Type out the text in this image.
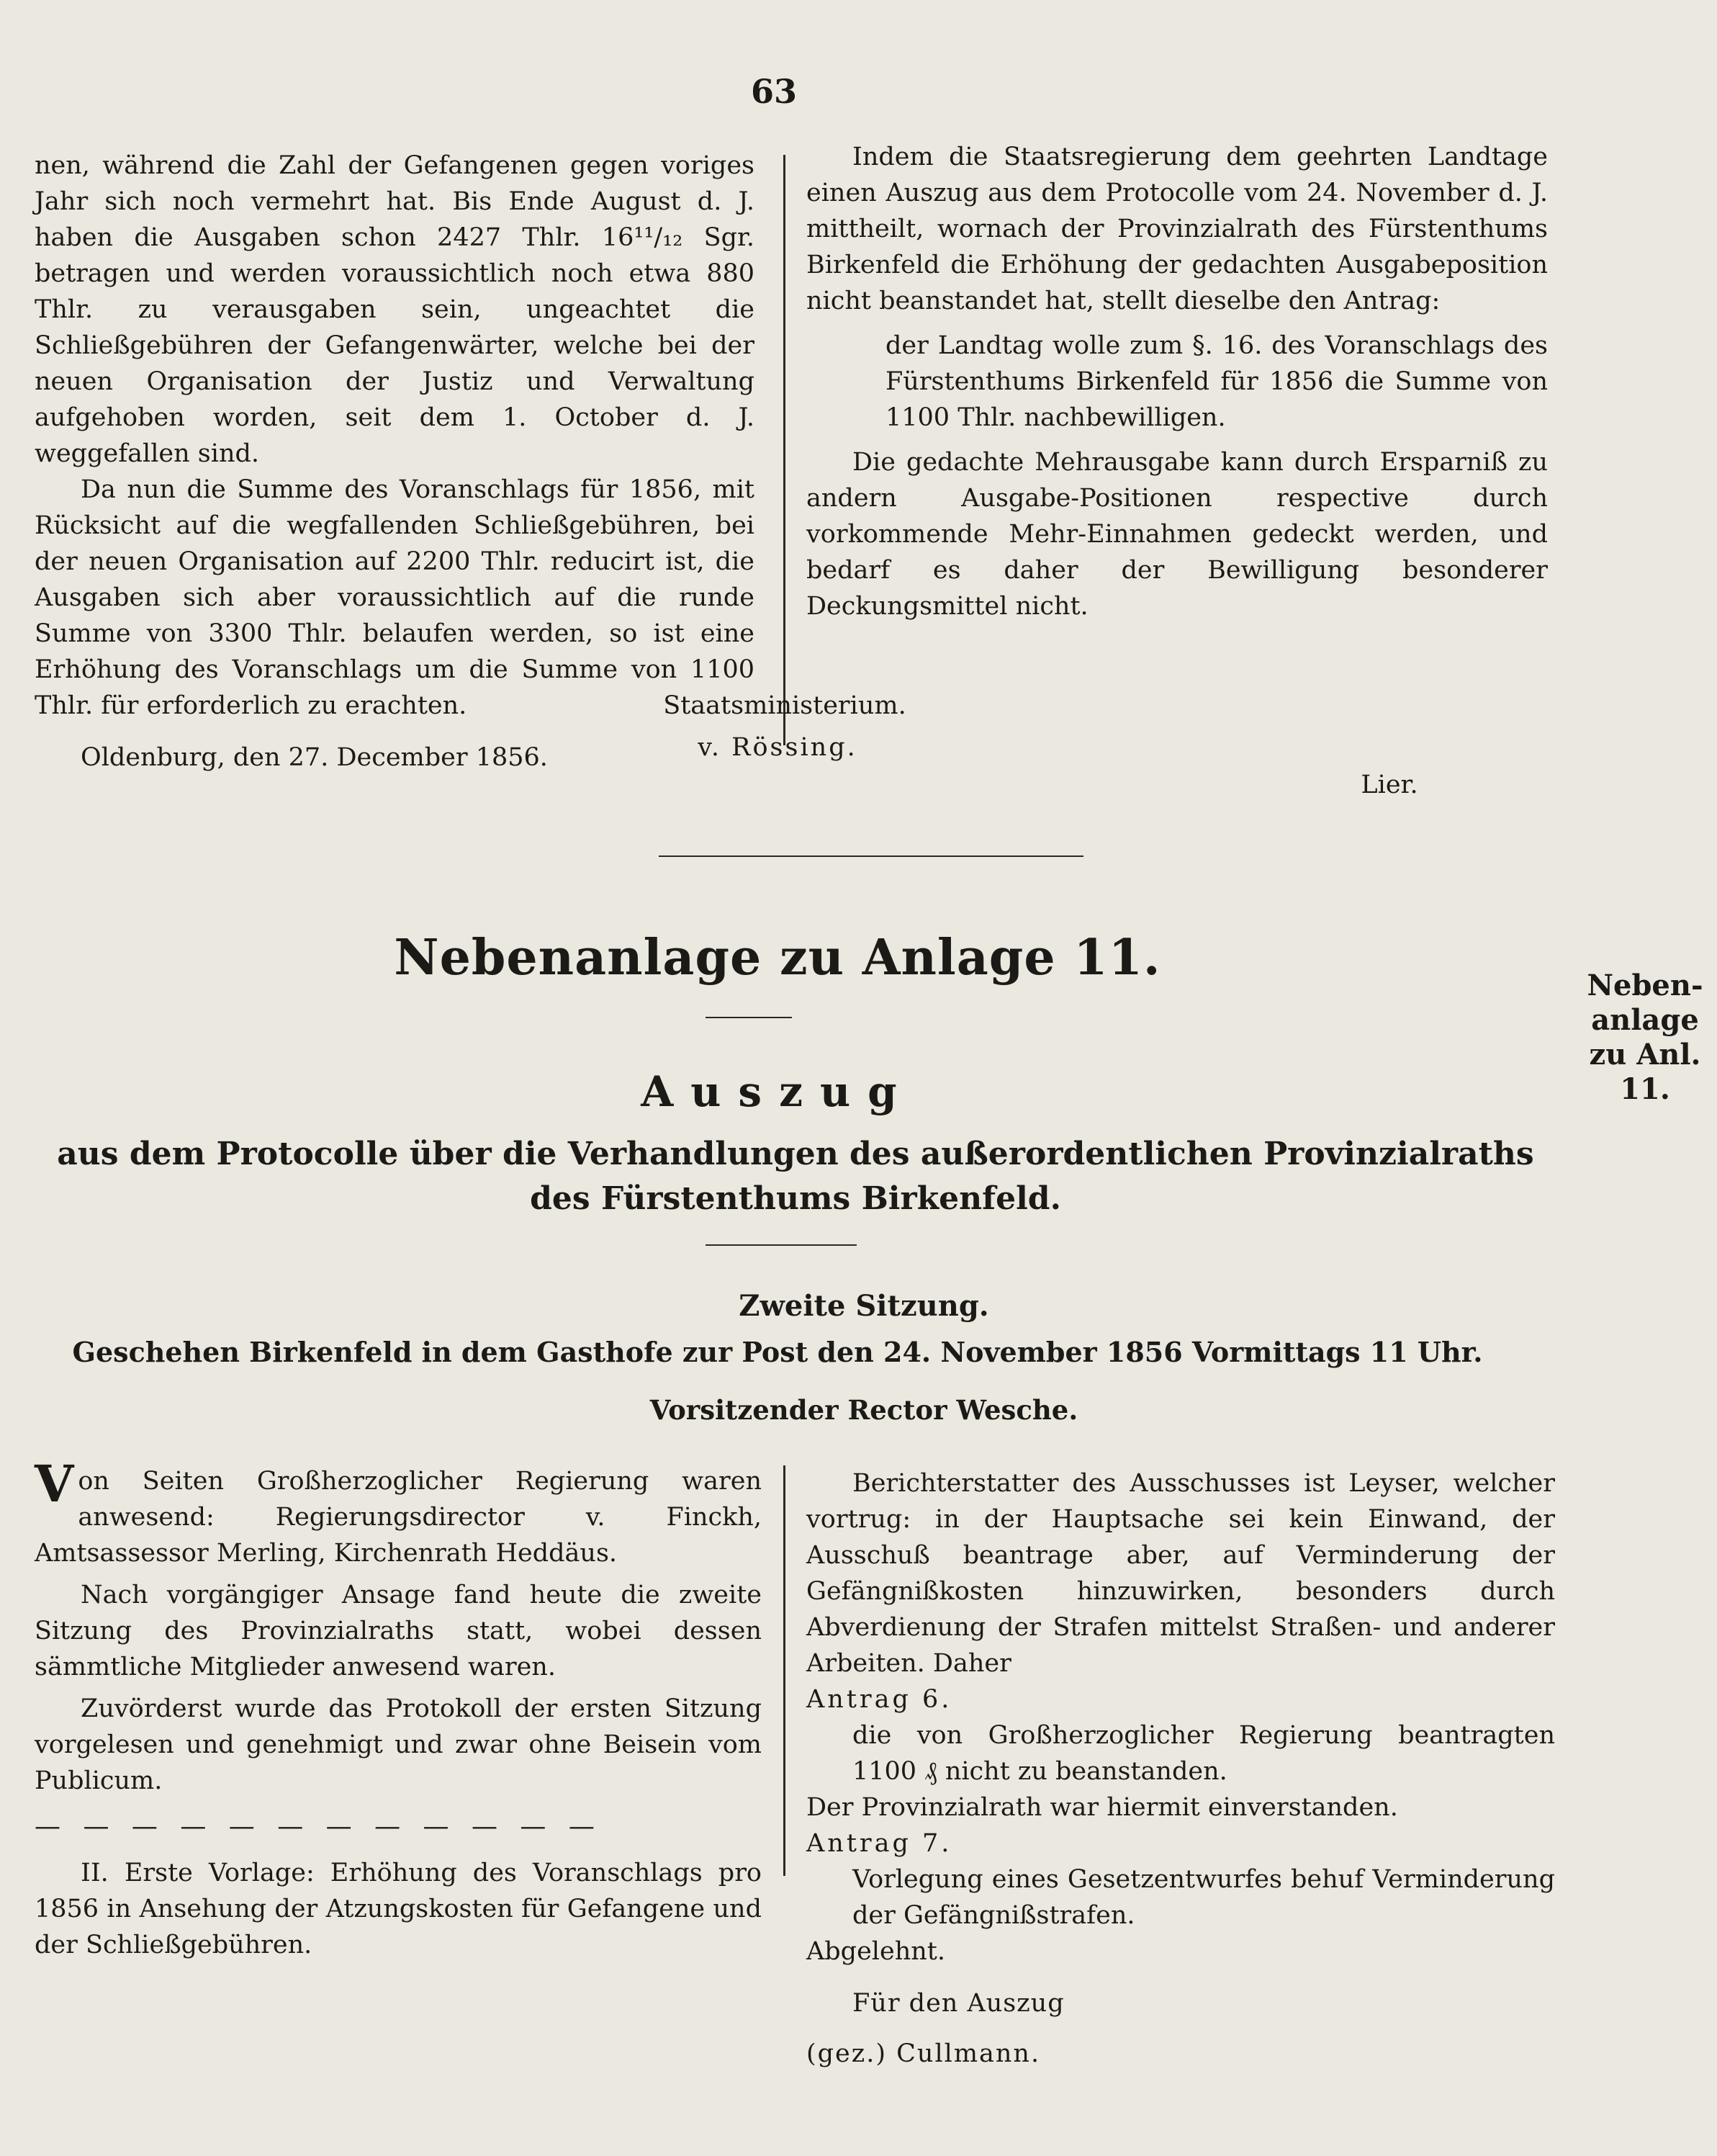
63

nen, während die Zahl der Gefangenen gegen voriges Jahr sich noch vermehrt hat. Bis Ende August d. J. haben die Ausgaben schon 2427 Thlr. 16¹¹/₁₂ Sgr. betragen und werden voraussichtlich noch etwa 880 Thlr. zu verausgaben sein, ungeachtet die Schließgebühren der Gefangenwärter, welche bei der neuen Organisation der Justiz und Verwaltung aufgehoben worden, seit dem 1. October d. J. weggefallen sind.

Da nun die Summe des Voranschlags für 1856, mit Rücksicht auf die wegfallenden Schließgebühren, bei der neuen Organisation auf 2200 Thlr. reducirt ist, die Ausgaben sich aber voraussichtlich auf die runde Summe von 3300 Thlr. belaufen werden, so ist eine Erhöhung des Voranschlags um die Summe von 1100 Thlr. für erforderlich zu erachten.

Oldenburg, den 27. December 1856.

Indem die Staatsregierung dem geehrten Landtage einen Auszug aus dem Protocolle vom 24. November d. J. mittheilt, wornach der Provinzialrath des Fürstenthums Birkenfeld die Erhöhung der gedachten Ausgabeposition nicht beanstandet hat, stellt dieselbe den Antrag:

der Landtag wolle zum §. 16. des Voranschlags des Fürstenthums Birkenfeld für 1856 die Summe von 1100 Thlr. nachbewilligen.

Die gedachte Mehrausgabe kann durch Ersparniß zu andern Ausgabe-Positionen respective durch vorkommende Mehr-Einnahmen gedeckt werden, und bedarf es daher der Bewilligung besonderer Deckungsmittel nicht.

Staatsministerium.
v. Rössing.
Lier.
Nebenanlage zu Anlage 11.	Neben-anlage zu Anl. 11.
Auszug
aus dem Protocolle über die Verhandlungen des außerordentlichen Provinzialraths des Fürstenthums Birkenfeld.
Zweite Sitzung.
Geschehen Birkenfeld in dem Gasthofe zur Post den 24. November 1856 Vormittags 11 Uhr.
Vorsitzender Rector Wesche.

Von Seiten Großherzoglicher Regierung waren anwesend: Regierungsdirector v. Finckh, Amtsassessor Merling, Kirchenrath Heddäus.

Nach vorgängiger Ansage fand heute die zweite Sitzung des Provinzialraths statt, wobei dessen sämmtliche Mitglieder anwesend waren.

Zuvörderst wurde das Protokoll der ersten Sitzung vorgelesen und genehmigt und zwar ohne Beisein vom Publicum.

— — — — — — — — — — — —

II. Erste Vorlage: Erhöhung des Voranschlags pro 1856 in Ansehung der Atzungskosten für Gefangene und der Schließgebühren.

Berichterstatter des Ausschusses ist Leyser, welcher vortrug: in der Hauptsache sei kein Einwand, der Ausschuß beantrage aber, auf Verminderung der Gefängnißkosten hinzuwirken, besonders durch Abverdienung der Strafen mittelst Straßen- und anderer Arbeiten. Daher

Antrag 6.

die von Großherzoglicher Regierung beantragten 1100 ₰ nicht zu beanstanden.

Der Provinzialrath war hiermit einverstanden.

Antrag 7.

Vorlegung eines Gesetzentwurfes behuf Verminderung der Gefängnißstrafen.

Abgelehnt.

Für den Auszug

(gez.) Cullmann.
